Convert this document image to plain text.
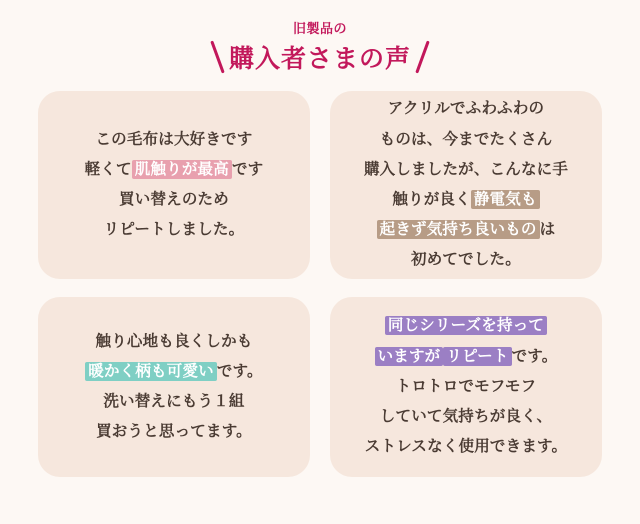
旧製品の
購入者さまの声
この毛布は大好きです
軽くて 肌触りが最高 です
買い替えのため
リピートしました。
アクリルでふわふわの
ものは、今までたくさん
購入しましたが、こんなに手
触りが良く 静電気も
起きず気持ち良いもの は
初めてでした。
触り心地も良くしかも
暖かく柄も可愛い です。
洗い替えにもう１組
買おうと思ってます。
同じシリーズを持って
いますが リピート です。
トロトロでモフモフ
していて気持ちが良く、
ストレスなく使用できます。
